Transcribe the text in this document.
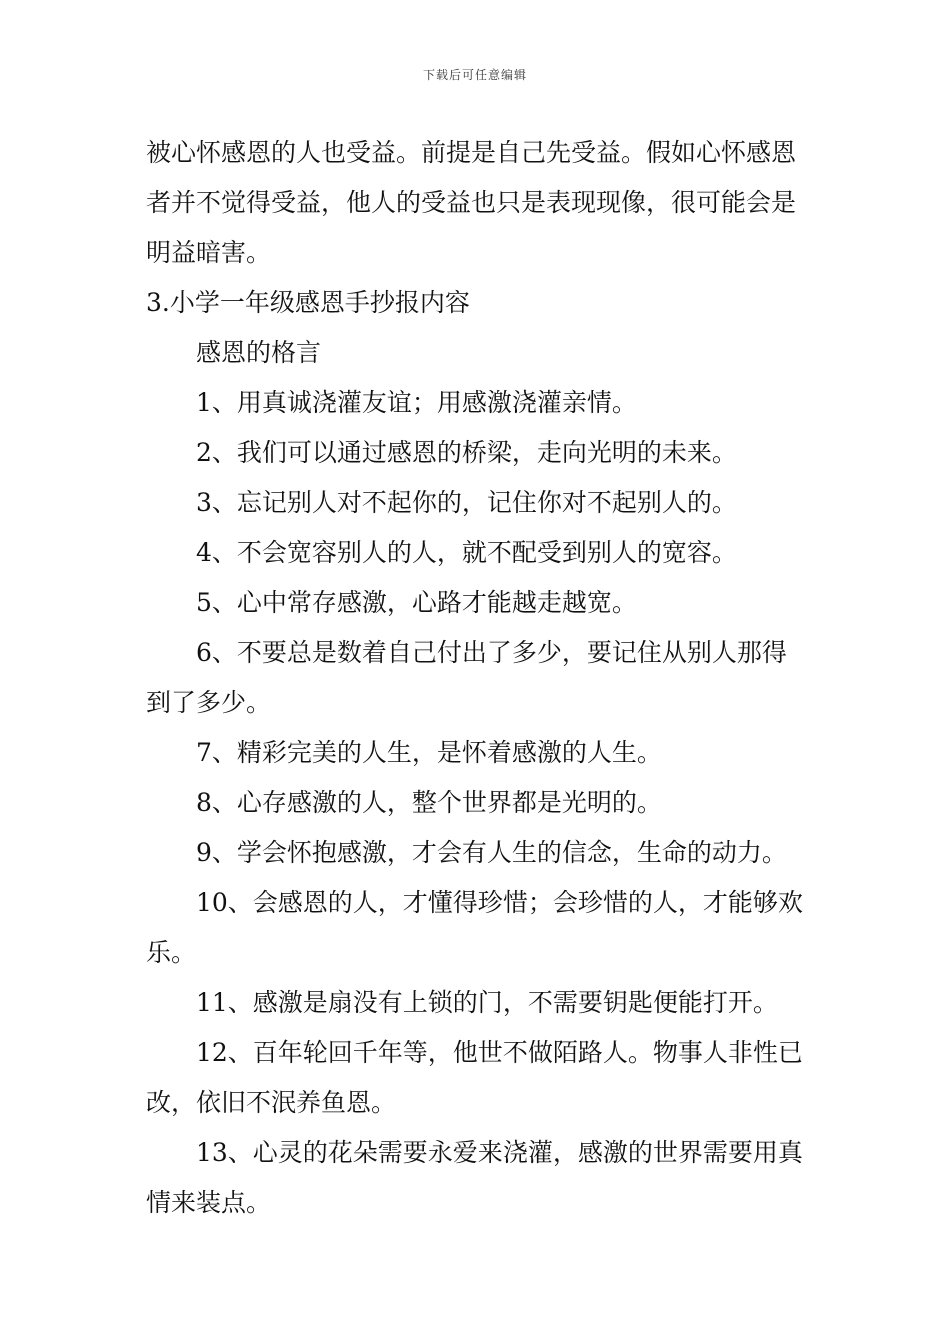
下载后可任意编辑

被心怀感恩的人也受益。前提是自己先受益。假如心怀感恩者并不觉得受益，他人的受益也只是表现现像，很可能会是明益暗害。

3.小学一年级感恩手抄报内容

感恩的格言

1、用真诚浇灌友谊；用感激浇灌亲情。

2、我们可以通过感恩的桥梁，走向光明的未来。

3、忘记别人对不起你的，记住你对不起别人的。

4、不会宽容别人的人，就不配受到别人的宽容。

5、心中常存感激，心路才能越走越宽。

6、不要总是数着自己付出了多少，要记住从别人那得到了多少。

7、精彩完美的人生，是怀着感激的人生。

8、心存感激的人，整个世界都是光明的。

9、学会怀抱感激，才会有人生的信念，生命的动力。

10、会感恩的人，才懂得珍惜；会珍惜的人，才能够欢乐。

11、感激是扇没有上锁的门，不需要钥匙便能打开。

12、百年轮回千年等，他世不做陌路人。物事人非性已改，依旧不泯养鱼恩。

13、心灵的花朵需要永爱来浇灌，感激的世界需要用真情来装点。
